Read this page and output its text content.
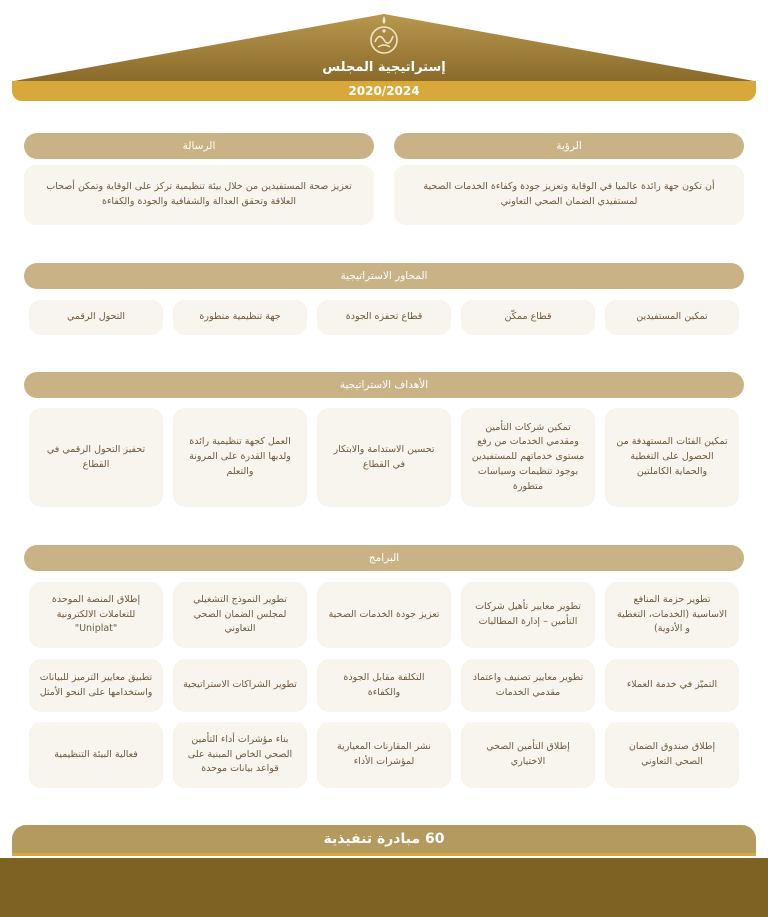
إستراتيجية المجلس
2020/2024
الرؤية
أن تكون جهة رائدة عالميا في الوقاية وتعزيز جودة وكفاءة الخدمات الصحية لمستفيدي الضمان الصحي التعاوني
الرسالة
تعزيز صحة المستفيدين من خلال بيئة تنظيمية تركز على الوقاية وتمكن أصحاب العلاقة وتحقق العدالة والشفافية والجودة والكفاءة
المحاور الاستراتيجية
تمكين المستفيدين
قطاع ممكّن
قطاع تحفزه الجودة
جهة تنظيمية متطورة
التحول الرقمي
الأهداف الاستراتيجية
تمكين الفئات المستهدفة من الحصول على التغطية والحماية الكاملتين
تمكين شركات التأمين ومقدمي الخدمات من رفع مستوى خدماتهم للمستفيدين بوجود تنظيمات وسياسات متطورة
تحسين الاستدامة والابتكار في القطاع
العمل كجهة تنظيمية رائدة ولديها القدرة على المرونة والتعلم
تحفيز التحول الرقمي في القطاع
البرامج
تطوير حزمة المنافع الاساسية (الخدمات، التغطية و الأدوية)
تطوير معايير تأهيل شركات التأمين – إدارة المطالبات
تعزيز جودة الخدمات الصحية
تطوير النموذج التشغيلي لمجلس الضمان الصحي التعاوني
إطلاق المنصة الموحدة للتعاملات الالكترونية "Uniplat"
التميّز في خدمة العملاء
تطوير معايير تصنيف واعتماد مقدمي الخدمات
التكلفة مقابل الجودة والكفاءة
تطوير الشراكات الاستراتيجية
تطبيق معايير الترميز للبيانات واستخدامها على النحو الأمثل
إطلاق صندوق الضمان الصحي التعاوني
إطلاق التأمين الصحي الاختياري
نشر المقارنات المعيارية لمؤشرات الأداء
بناء مؤشرات أداء التأمين الصحي الخاص المبنية على قواعد بيانات موحدة
فعالية البيئة التنظيمية
60 مبادرة تنفيذية
